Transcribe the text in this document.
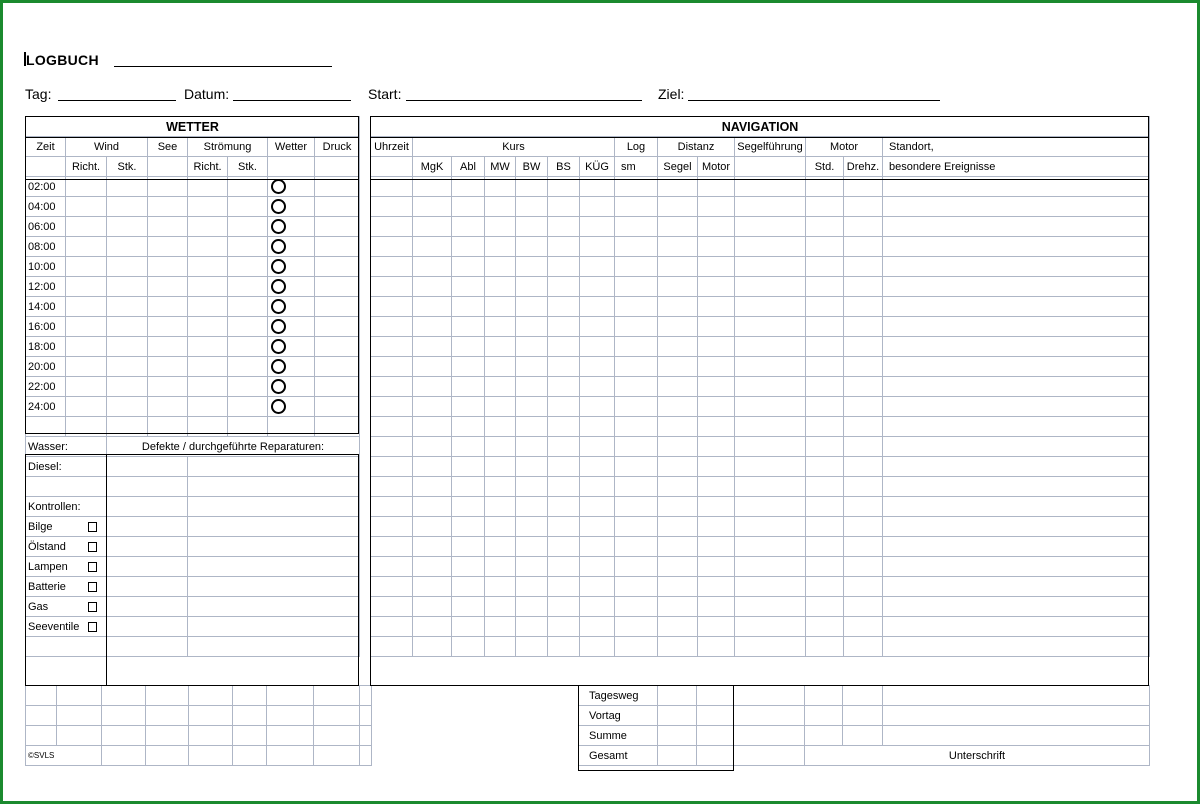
LOGBUCH
Tag:	Datum:	Start:	Ziel:
WETTER							
Zeit	Wind		See	Strömung		Wetter	Druck
	Richt.	Stk.		Richt.	Stk.		
02:00							
04:00							
06:00							
08:00							
10:00							
12:00							
14:00							
16:00							
18:00							
20:00							
22:00							
24:00							

Wasser:		Defekte / durchgeführte Reparaturen:					
Diesel:							

Kontrollen:							
Bilge							
Ölstand							
Lampen							
Batterie							
Gas							
Seeventile							

©SVLS								
NAVIGATION													
Uhrzeit	Kurs						Log	Distanz		Segelführung	Motor		Standort,
	MgK	Abl	MW	BW	BS	KÜG	sm	Segel	Motor		Std.	Drehz.	besondere Ereignisse

Tagesweg		
Vortag		
Summe		
Gesamt		

		Unterschrift		
